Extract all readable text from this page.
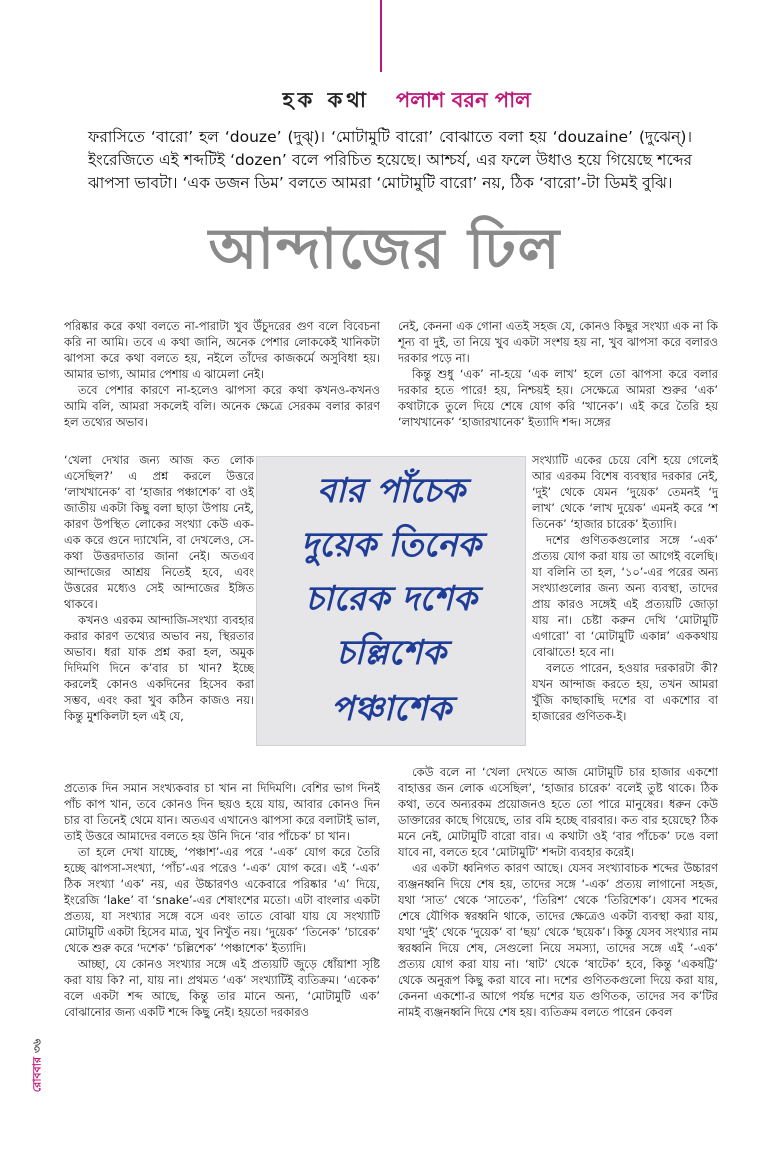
হক কথা পলাশ বরন পাল
ফরাসিতে ‘বারো’ হল ‘douze’ (দুঝ্)। ‘মোটামুটি বারো’ বোঝাতে বলা হয় ‘douzaine’ (দুঝেন্)। ইংরেজিতে এই শব্দটিই ‘dozen’ বলে পরিচিত হয়েছে। আশ্চর্য, এর ফলে উধাও হয়ে গিয়েছে শব্দের ঝাপসা ভাবটা। ‘এক ডজন ডিম’ বলতে আমরা ‘মোটামুটি বারো’ নয়, ঠিক ‘বারো’-টা ডিমই বুঝি।
আন্দাজের ঢিল

পরিষ্কার করে কথা বলতে না-পারাটা খুব উঁচুদরের গুণ বলে বিবেচনা করি না আমি। তবে এ কথা জানি, অনেক পেশার লোককেই খানিকটা ঝাপসা করে কথা বলতে হয়, নইলে তাঁদের কাজকর্মে অসুবিধা হয়। আমার ভাগ্য, আমার পেশায় এ ঝামেলা নেই।

তবে পেশার কারণে না-হলেও ঝাপসা করে কথা কখনও-কখনও আমি বলি, আমরা সকলেই বলি। অনেক ক্ষেত্রে সেরকম বলার কারণ হল তথ্যের অভাব।

‘খেলা দেখার জন্য আজ কত লোক এসেছিল?’ এ প্রশ্ন করলে উত্তরে ‘লাখখানেক’ বা ‘হাজার পঞ্চাশেক’ বা ওই জাতীয় একটা কিছু বলা ছাড়া উপায় নেই, কারণ উপস্থিত লোকের সংখ্যা কেউ এক-এক করে গুনে দ্যাখেনি, বা দেখলেও, সে-কথা উত্তরদাতার জানা নেই। অতএব আন্দাজের আশ্রয় নিতেই হবে, এবং উত্তরের মধ্যেও সেই আন্দাজের ইঙ্গিত থাকবে।

কখনও এরকম আন্দাজি-সংখ্যা ব্যবহার করার কারণ তথ্যের অভাব নয়, স্থিরতার অভাব। ধরা যাক প্রশ্ন করা হল, অমুক দিদিমণি দিনে ক’বার চা খান? ইচ্ছে করলেই কোনও একদিনের হিসেব করা সম্ভব, এবং করা খুব কঠিন কাজও নয়। কিন্তু মুশকিলটা হল এই যে,

প্রত্যেক দিন সমান সংখ্যকবার চা খান না দিদিমণি। বেশির ভাগ দিনই পাঁচ কাপ খান, তবে কোনও দিন ছয়ও হয়ে যায়, আবার কোনও দিন চার বা তিনেই থেমে যান। অতএব এখানেও ঝাপসা করে বলাটাই ভাল, তাই উত্তরে আমাদের বলতে হয় উনি দিনে ‘বার পাঁচেক’ চা খান।

তা হলে দেখা যাচ্ছে, ‘পঞ্চাশ’-এর পরে ‘-এক’ যোগ করে তৈরি হচ্ছে ঝাপসা-সংখ্যা, ‘পাঁচ’-এর পরেও ‘-এক’ যোগ করে। এই ‘-এক’ ঠিক সংখ্যা ‘এক’ নয়, এর উচ্চারণও একেবারে পরিষ্কার ‘এ’ দিয়ে, ইংরেজি ‘lake’ বা ‘snake’-এর শেষাংশের মতো। এটা বাংলার একটা প্রত্যয়, যা সংখ্যার সঙ্গে বসে এবং তাতে বোঝা যায় যে সংখ্যাটি মোটামুটি একটা হিসেব মাত্র, খুব নিখুঁত নয়। ‘দুয়েক’ ‘তিনেক’ ‘চারেক’ থেকে শুরু করে ‘দশেক’ ‘চল্লিশেক’ ‘পঞ্চাশেক’ ইত্যাদি।

আচ্ছা, যে কোনও সংখ্যার সঙ্গে এই প্রত্যয়টি জুড়ে ধোঁয়াশা সৃষ্টি করা যায় কি? না, যায় না। প্রথমত ‘এক’ সংখ্যাটিই ব্যতিক্রম। ‘একেক’ বলে একটা শব্দ আছে, কিন্তু তার মানে অন্য, ‘মোটামুটি এক’ বোঝানোর জন্য একটি শব্দে কিছু নেই। হয়তো দরকারও

নেই, কেননা এক গোনা এতই সহজ যে, কোনও কিছুর সংখ্যা এক না কি শূন্য বা দুই, তা নিয়ে খুব একটা সংশয় হয় না, খুব ঝাপসা করে বলারও দরকার পড়ে না।

কিন্তু শুধু ‘এক’ না-হয়ে ‘এক লাখ’ হলে তো ঝাপসা করে বলার দরকার হতে পারে! হয়, নিশ্চয়ই হয়। সেক্ষেত্রে আমরা শুরুর ‘এক’ কথাটাকে তুলে দিয়ে শেষে যোগ করি ‘খানেক’। এই করে তৈরি হয় ‘লাখখানেক’ ‘হাজারখানেক’ ইত্যাদি শব্দ। সঙ্গের

সংখ্যাটি একের চেয়ে বেশি হয়ে গেলেই আর এরকম বিশেষ ব্যবস্থার দরকার নেই, ‘দুই’ থেকে যেমন ‘দুয়েক’ তেমনই ‘দু লাখ’ থেকে ‘লাখ দুয়েক’ এমনই করে ‘শ তিনেক’ ‘হাজার চারেক’ ইত্যাদি।

দশের গুণিতকগুলোর সঙ্গে ‘-এক’ প্রত্যয় যোগ করা যায় তা আগেই বলেছি। যা বলিনি তা হল, ‘১০’-এর পরের অন্য সংখ্যাগুলোর জন্য অন্য ব্যবস্থা, তাদের প্রায় কারও সঙ্গেই এই প্রত্যয়টি জোড়া যায় না। চেষ্টা করুন দেখি ‘মোটামুটি এগারো’ বা ‘মোটামুটি একান্ন’ এককথায় বোঝাতে! হবে না।

বলতে পারেন, হওয়ার দরকারটা কী? যখন আন্দাজ করতে হয়, তখন আমরা খুঁজি কাছাকাছি দশের বা একশোর বা হাজারের গুণিতক-ই।

কেউ বলে না ‘খেলা দেখতে আজ মোটামুটি চার হাজার একশো বাহাত্তর জন লোক এসেছিল’, ‘হাজার চারেক’ বলেই তুষ্ট থাকে। ঠিক কথা, তবে অন্যরকম প্রয়োজনও হতে তো পারে মানুষের। ধরুন কেউ ডাক্তারের কাছে গিয়েছে, তার বমি হচ্ছে বারবার। কত বার হয়েছে? ঠিক মনে নেই, মোটামুটি বারো বার। এ কথাটা ওই ‘বার পাঁচেক’ ঢঙে বলা যাবে না, বলতে হবে ‘মোটামুটি’ শব্দটা ব্যবহার করেই।

এর একটা ধ্বনিগত কারণ আছে। যেসব সংখ্যাবাচক শব্দের উচ্চারণ ব্যঞ্জনধ্বনি দিয়ে শেষ হয়, তাদের সঙ্গে ‘-এক’ প্রত্যয় লাগানো সহজ, যথা ‘সাত’ থেকে ‘সাতেক’, ‘তিরিশ’ থেকে ‘তিরিশেক’। যেসব শব্দের শেষে যৌগিক স্বরধ্বনি থাকে, তাদের ক্ষেত্রেও একটা ব্যবস্থা করা যায়, যথা ‘দুই’ থেকে ‘দুয়েক’ বা ‘ছয়’ থেকে ‘ছয়েক’। কিন্তু যেসব সংখ্যার নাম স্বরধ্বনি দিয়ে শেষ, সেগুলো নিয়ে সমস্যা, তাদের সঙ্গে এই ‘-এক’ প্রত্যয় যোগ করা যায় না। ‘ষাট’ থেকে ‘ষাটেক’ হবে, কিন্তু ‘একষট্টি’ থেকে অনুরূপ কিছু করা যাবে না। দশের গুণিতকগুলো দিয়ে করা যায়, কেননা একশো-র আগে পর্যন্ত দশের যত গুণিতক, তাদের সব ক’টির নামই ব্যঞ্জনধ্বনি দিয়ে শেষ হয়। ব্যতিক্রম বলতে পারেন কেবল

বার পাঁচেক
দুয়েক তিনেক
চারেক দশেক
চল্লিশেক
পঞ্চাশেক
রোববার ৩৬
